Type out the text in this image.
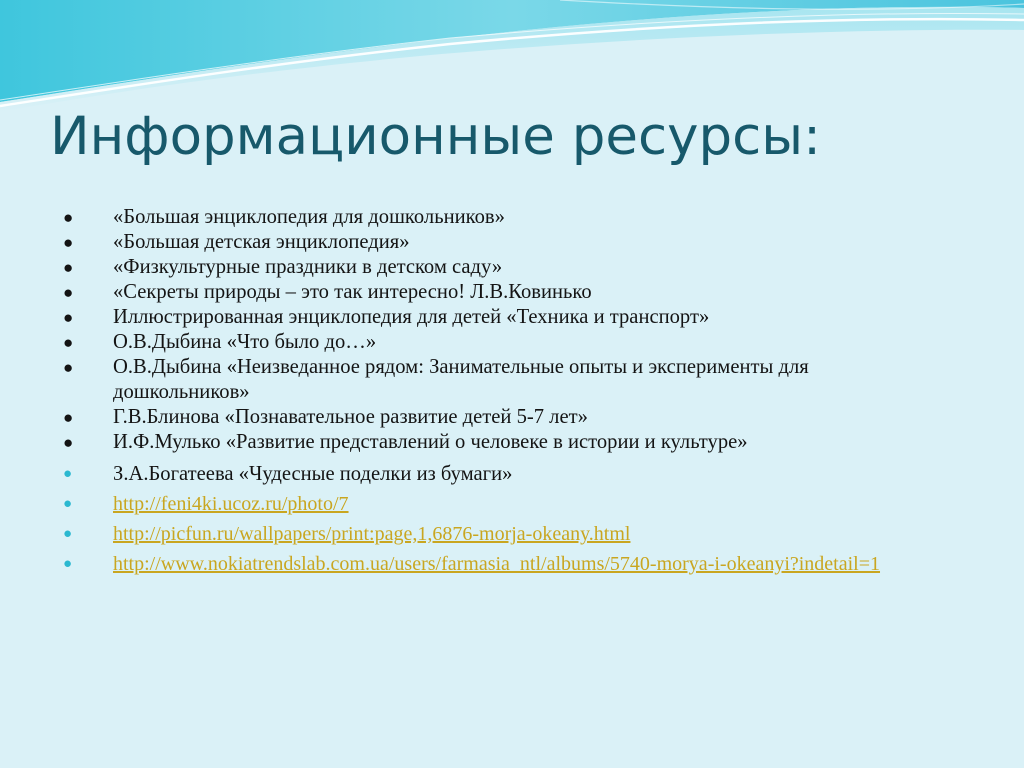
Информационные ресурсы:
● «Большая энциклопедия для дошкольников»
● «Большая детская энциклопедия»
● «Физкультурные праздники в детском саду»
● «Секреты природы – это так интересно! Л.В.Ковинько
● Иллюстрированная энциклопедия для детей «Техника и транспорт»
● О.В.Дыбина «Что было до…»
● О.В.Дыбина «Неизведанное рядом: Занимательные опыты и эксперименты для дошкольников»
● Г.В.Блинова «Познавательное развитие детей 5-7 лет»
● И.Ф.Мулько «Развитие представлений о человеке в истории и культуре»
● З.А.Богатеева «Чудесные поделки из бумаги»
● http://feni4ki.ucoz.ru/photo/7
● http://picfun.ru/wallpapers/print:page,1,6876-morja-okeany.html
● http://www.nokiatrendslab.com.ua/users/farmasia_ntl/albums/5740-morya-i-okeanyi?indetail=1
